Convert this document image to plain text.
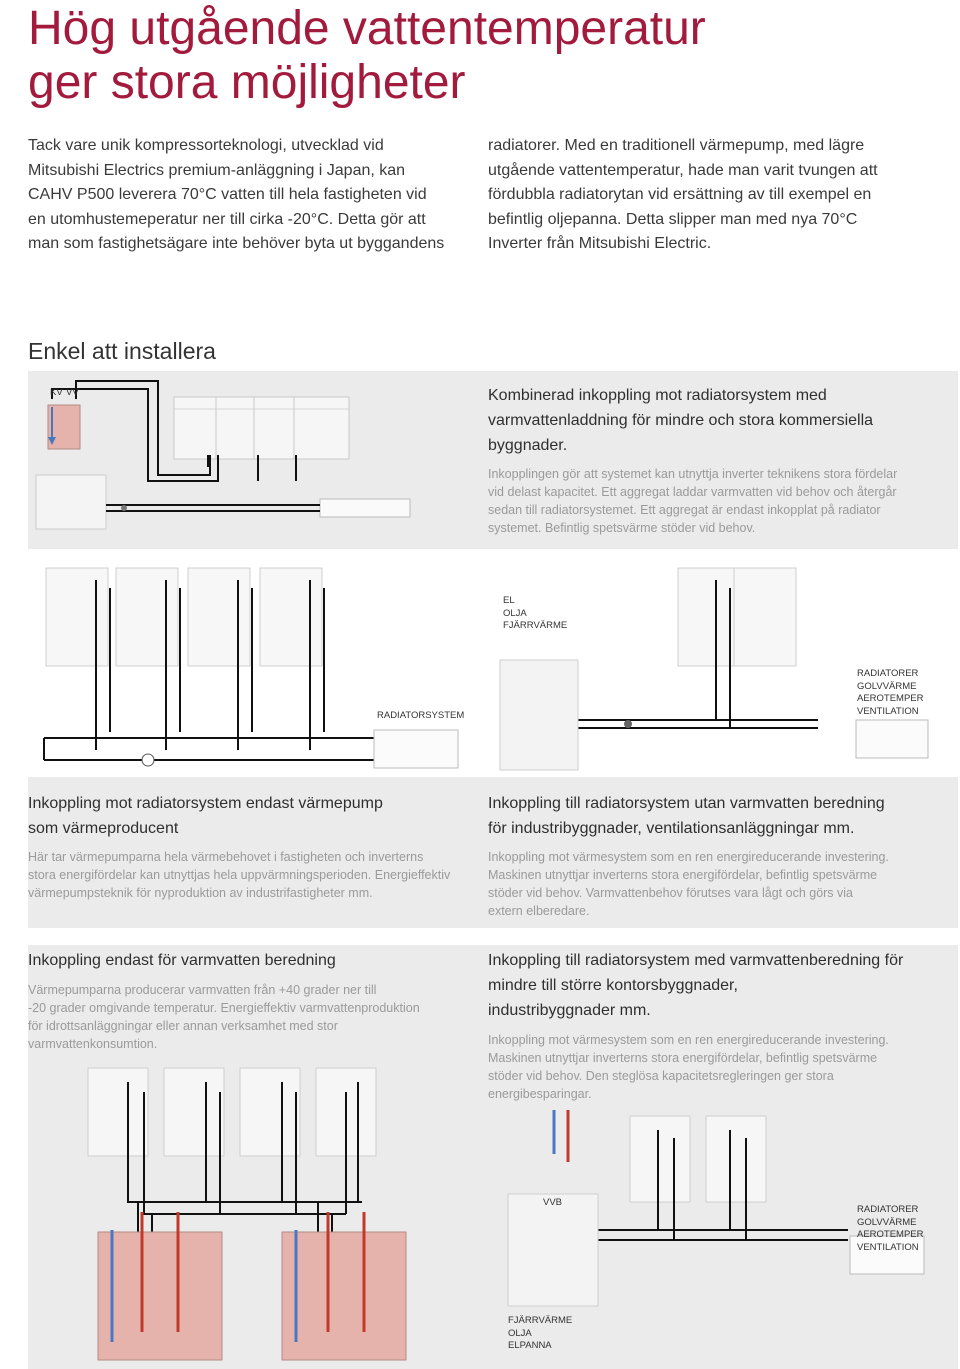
Hög utgående vattentemperatur
ger stora möjligheter
Tack vare unik kompressorteknologi, utvecklad vid
Mitsubishi Electrics premium-anläggning i Japan, kan
CAHV P500 leverera 70°C vatten till hela fastigheten vid
en utomhustemeperatur ner till cirka -20°C. Detta gör att
man som fastighetsägare inte behöver byta ut byggandens
radiatorer. Med en traditionell värmepump, med lägre
utgående vattentemperatur, hade man varit tvungen att
fördubbla radiatorytan vid ersättning av till exempel en
befintlig oljepanna. Detta slipper man med nya 70°C
Inverter från Mitsubishi Electric.
Enkel att installera
KV VV	Kombinerad inkoppling mot radiatorsystem med
varmvattenladdning för mindre och stora kommersiella
byggnader.
Inkopplingen gör att systemet kan utnyttja inverter teknikens stora fördelar
vid delast kapacitet. Ett aggregat laddar varmvatten vid behov och återgår
sedan till radiatorsystemet. Ett aggregat är endast inkopplat på radiator
systemet. Befintlig spetsvärme stöder vid behov.
RADIATORSYSTEM
EL
OLJA
FJÄRRVÄRME
RADIATORER
GOLVVÄRME
AEROTEMPER
VENTILATION
Inkoppling mot radiatorsystem endast värmepump
som värmeproducent
Här tar värmepumparna hela värmebehovet i fastigheten och inverterns
stora energifördelar kan utnyttjas hela uppvärmningsperioden. Energieffektiv
värmepumpsteknik för nyproduktion av industrifastigheter mm.
Inkoppling till radiatorsystem utan varmvatten beredning
för industribyggnader, ventilationsanläggningar mm.
Inkoppling mot värmesystem som en ren energireducerande investering.
Maskinen utnyttjar inverterns stora energifördelar, befintlig spetsvärme
stöder vid behov. Varmvattenbehov förutses vara lågt och görs via
extern elberedare.
Inkoppling endast för varmvatten beredning
Värmepumparna producerar varmvatten från +40 grader ner till
-20 grader omgivande temperatur. Energieffektiv varmvattenproduktion
för idrottsanläggningar eller annan verksamhet med stor
varmvattenkonsumtion.
Inkoppling till radiatorsystem med varmvattenberedning för
mindre till större kontorsbyggnader,
industribyggnader mm.
Inkoppling mot värmesystem som en ren energireducerande investering.
Maskinen utnyttjar inverterns stora energifördelar, befintlig spetsvärme
stöder vid behov. Den steglösa kapacitetsregleringen ger stora
energibesparingar.
VVB
RADIATORER
GOLVVÄRME
AEROTEMPER
VENTILATION
FJÄRRVÄRME
OLJA
ELPANNA
